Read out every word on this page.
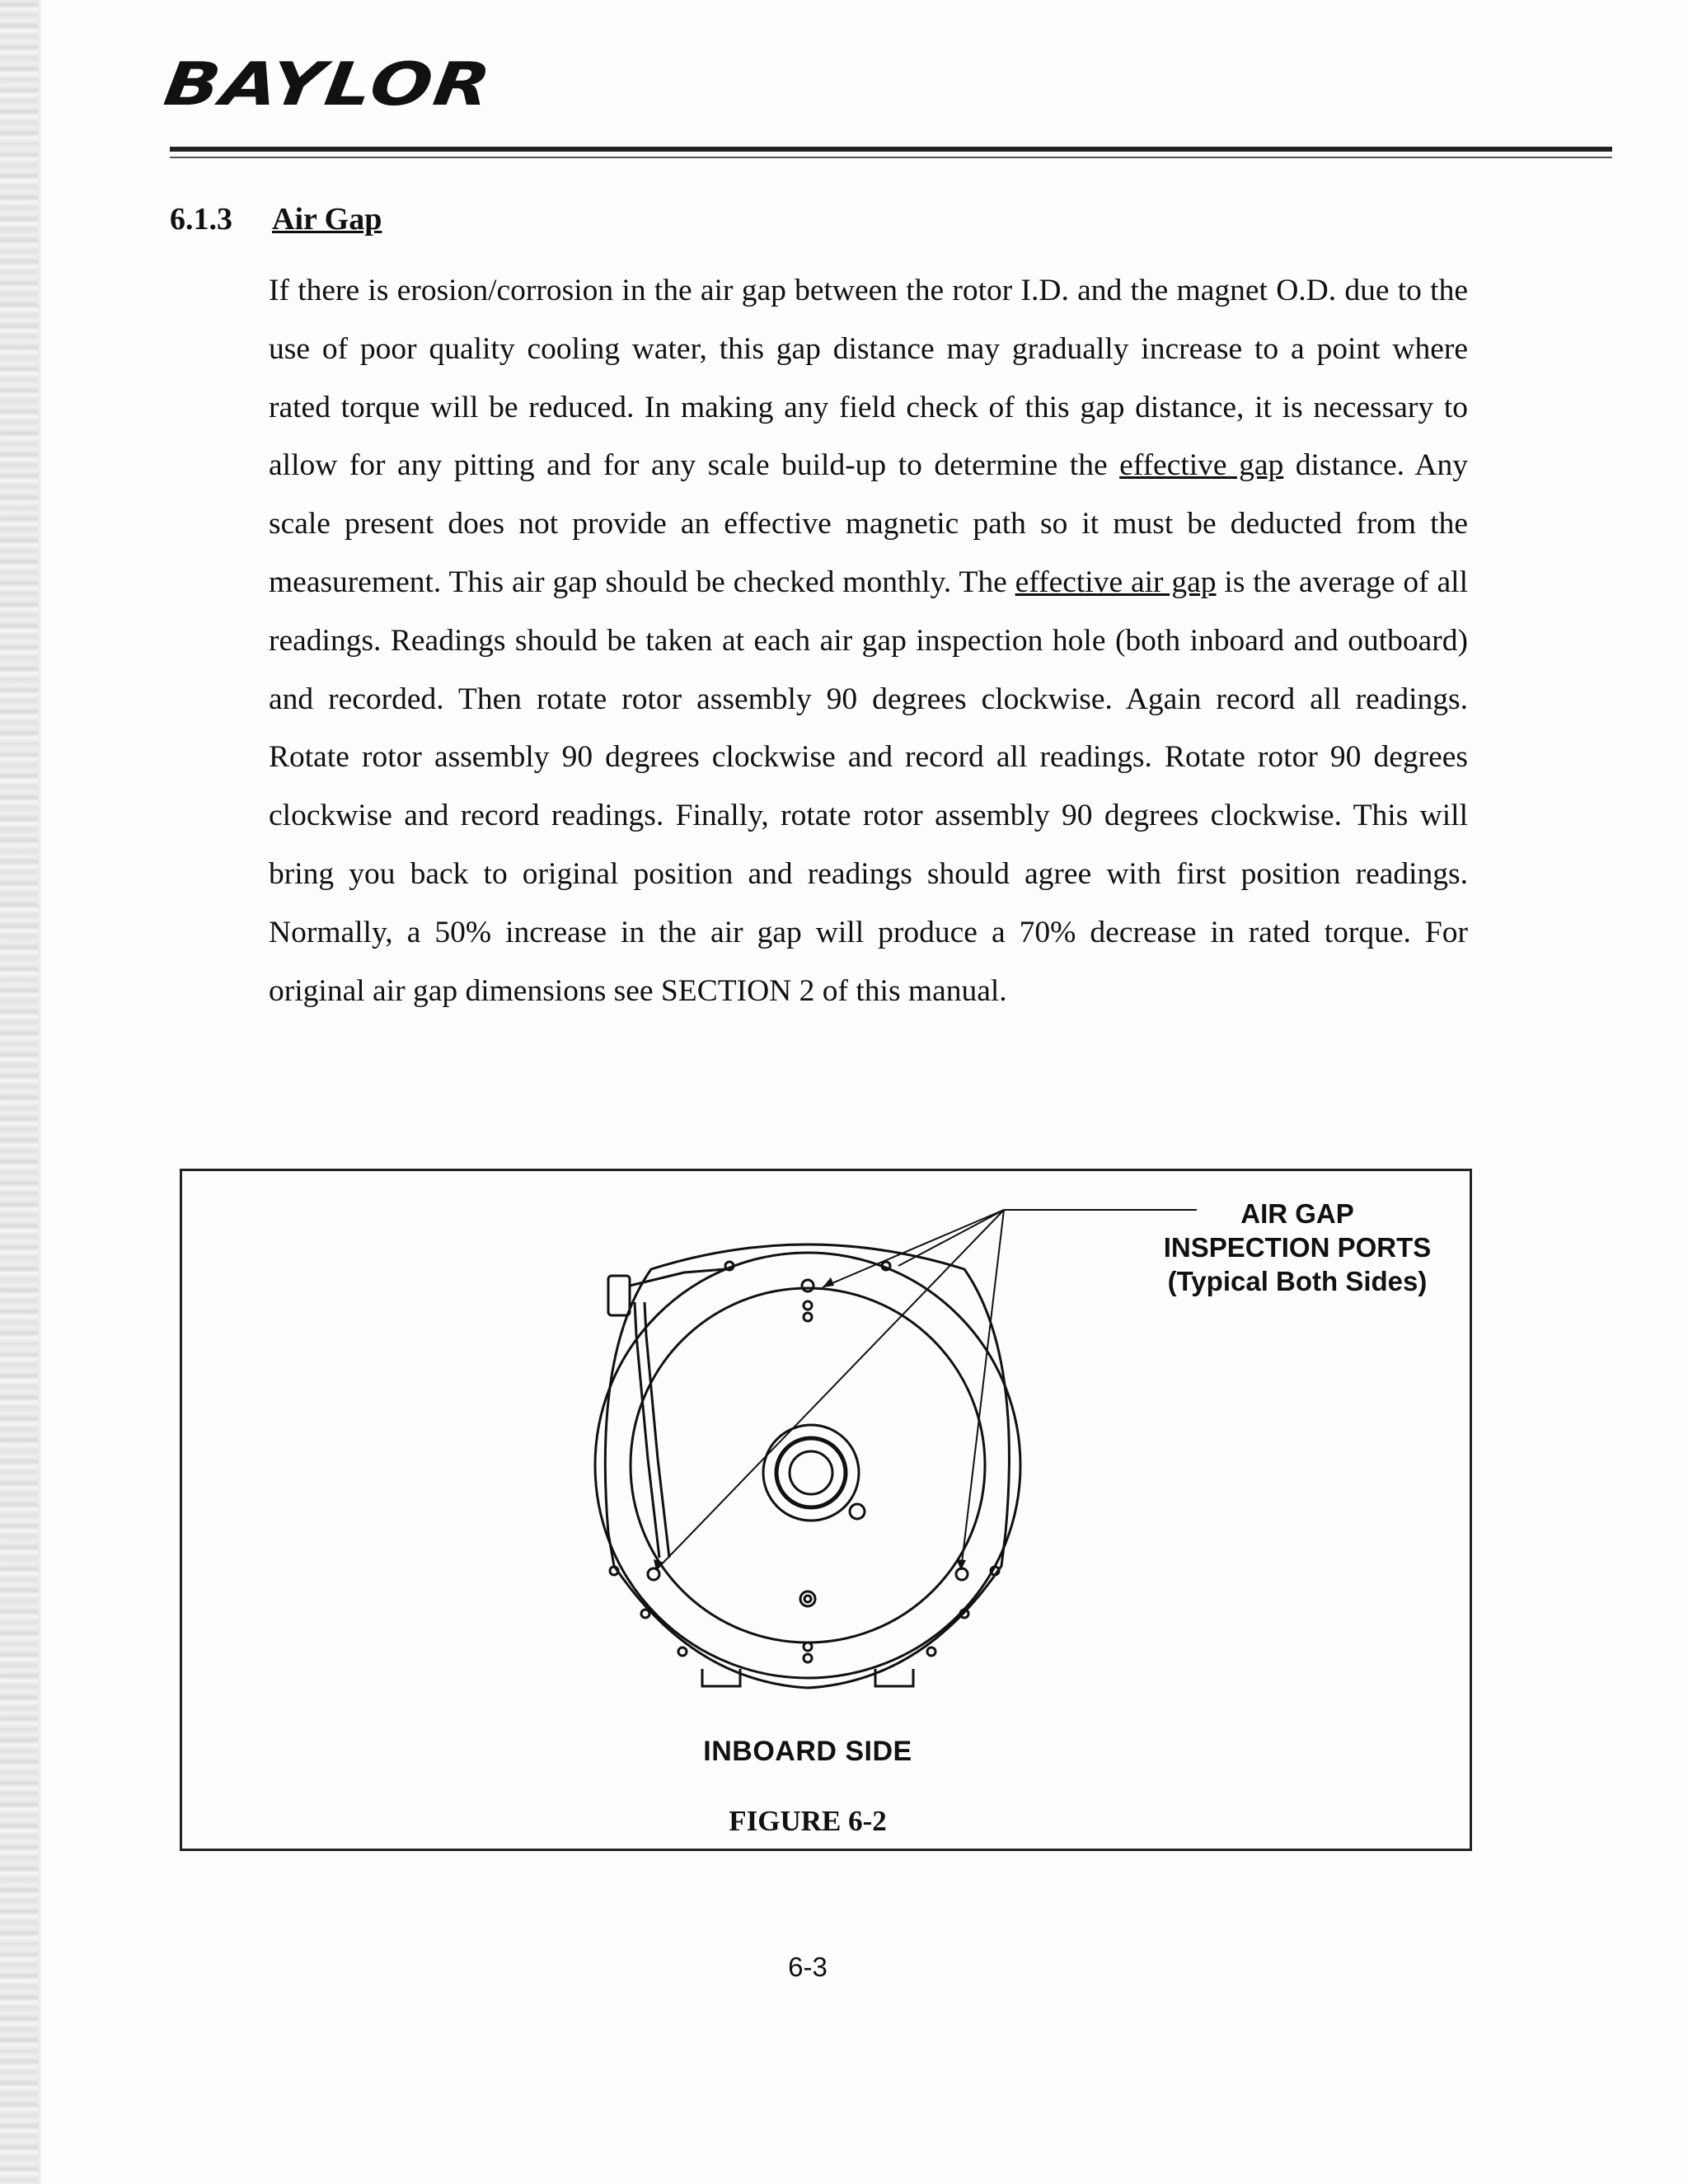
BAYLOR
6.1.3 Air Gap

If there is erosion/corrosion in the air gap between the rotor I.D. and the magnet O.D. due to the use of poor quality cooling water, this gap distance may gradually increase to a point where rated torque will be reduced. In making any field check of this gap distance, it is necessary to allow for any pitting and for any scale build-up to determine the effective gap distance. Any scale present does not provide an effective magnetic path so it must be deducted from the measurement. This air gap should be checked monthly. The effective air gap is the average of all readings. Readings should be taken at each air gap inspection hole (both inboard and outboard) and recorded. Then rotate rotor assembly 90 degrees clockwise. Again record all readings. Rotate rotor assembly 90 degrees clockwise and record all readings. Rotate rotor 90 degrees clockwise and record readings. Finally, rotate rotor assembly 90 degrees clockwise. This will bring you back to original position and readings should agree with first position readings. Normally, a 50% increase in the air gap will produce a 70% decrease in rated torque. For original air gap dimensions see SECTION 2 of this manual.

AIR GAP
INSPECTION PORTS
(Typical Both Sides)
INBOARD SIDE
FIGURE 6-2
6-3
